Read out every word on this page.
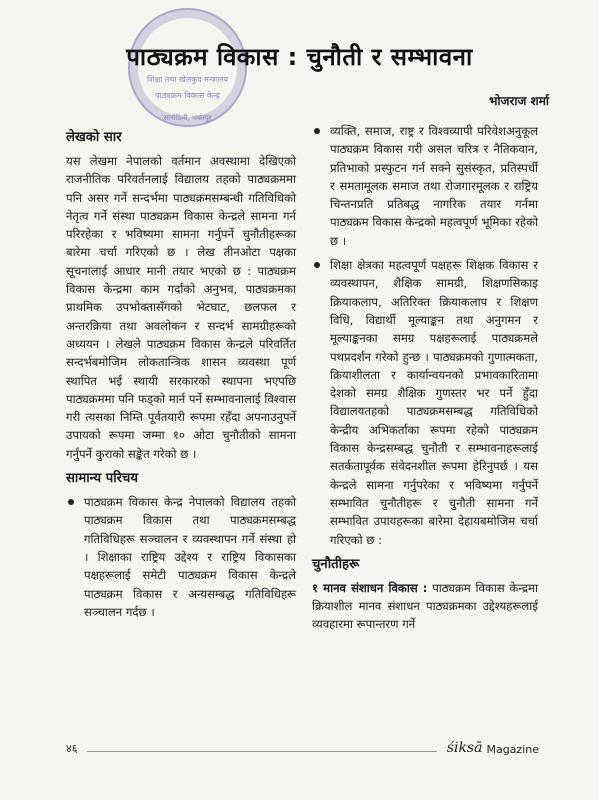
शिक्षा तथा खेलकुद मन्त्रालय
पाठ्यक्रम विकास केन्द्र
सानोठिमी, भक्तपुर
पाठ्यक्रम विकास : चुनौती र सम्भावना
भोजराज शर्मा
लेखको सार

यस लेखमा नेपालको वर्तमान अवस्थामा देखिएको राजनीतिक परिवर्तनलाई विद्यालय तहको पाठ्यक्रममा पनि असर गर्ने सन्दर्भमा पाठ्यक्रमसम्बन्धी गतिविधिको नेतृत्व गर्ने संस्था पाठ्यक्रम विकास केन्द्रले सामना गर्न परिरहेका र भविष्यमा सामना गर्नुपर्ने चुनौतीहरूका बारेमा चर्चा गरिएको छ । लेख तीनओटा पक्षका सूचनालाई आधार मानी तयार भएको छ : पाठ्यक्रम विकास केन्द्रमा काम गर्दाको अनुभव, पाठ्यक्रमका प्राथमिक उपभोक्तासँगको भेटघाट, छलफल र अन्तरक्रिया तथा अवलोकन र सन्दर्भ सामग्रीहरूको अध्ययन । लेखले पाठ्यक्रम विकास केन्द्रले परिवर्तित सन्दर्भबमोजिम लोकतान्त्रिक शासन व्यवस्था पूर्ण स्थापित भई स्थायी सरकारको स्थापना भएपछि पाठ्यक्रममा पनि फड्को मार्न पर्ने सम्भावनालाई विश्वास गरी त्यसका निम्ति पूर्वतयारी रूपमा रहँदा अपनाउनुपर्ने उपायको रूपमा जम्मा १० ओटा चुनौतीको सामना गर्नुपर्ने कुराको सङ्केत गरेको छ ।

सामान्य परिचय
पाठ्यक्रम विकास केन्द्र नेपालको विद्यालय तहको पाठ्यक्रम विकास तथा पाठ्यक्रमसम्बद्ध गतिविधिहरू सञ्चालन र व्यवस्थापन गर्ने संस्था हो । शिक्षाका राष्ट्रिय उद्देश्य र राष्ट्रिय विकासका पक्षहरूलाई समेटी पाठ्यक्रम विकास केन्द्रले पाठ्यक्रम विकास र अन्यसम्बद्ध गतिविधिहरू सञ्चालन गर्दछ ।
व्यक्ति, समाज, राष्ट्र र विश्वव्यापी परिवेशअनुकूल पाठ्यक्रम विकास गरी असल चरित्र र नैतिकवान, प्रतिभाको प्रस्फुटन गर्न सक्ने सुसंस्कृत, प्रतिस्पर्धी र समतामूलक समाज तथा रोजगारमूलक र राष्ट्रिय चिन्तनप्रति प्रतिबद्ध नागरिक तयार गर्नमा पाठ्यक्रम विकास केन्द्रको महत्वपूर्ण भूमिका रहेको छ ।
शिक्षा क्षेत्रका महत्वपूर्ण पक्षहरू शिक्षक विकास र व्यवस्थापन, शैक्षिक सामग्री, शिक्षणसिकाइ क्रियाकलाप, अतिरिक्त क्रियाकलाप र शिक्षण विधि, विद्यार्थी मूल्याङ्कन तथा अनुगमन र मूल्याङ्कनका समग्र पक्षहरूलाई पाठ्यक्रमले पथप्रदर्शन गरेको हुन्छ । पाठ्यक्रमको गुणात्मकता, क्रियाशीलता र कार्यान्वयनको प्रभावकारितामा देशको समग्र शैक्षिक गुणस्तर भर पर्ने हुँदा विद्यालयतहको पाठ्यक्रमसम्बद्ध गतिविधिको केन्द्रीय अभिकर्ताका रूपमा रहेको पाठ्यक्रम विकास केन्द्रसम्बद्ध चुनौती र सम्भावनाहरूलाई सतर्कतापूर्वक संवेदनशील रूपमा हेरिनुपर्छ । यस केन्द्रले सामना गर्नुपरेका र भविष्यमा गर्नुपर्ने सम्भावित चुनौतीहरू र चुनौती सामना गर्ने सम्भावित उपायहरूका बारेमा देहायबमोजिम चर्चा गरिएको छ :
चुनौतीहरू

१ मानव संशाधन विकास : पाठ्यक्रम विकास केन्द्रमा क्रियाशील मानव संशाधन पाठ्यक्रमका उद्देश्यहरूलाई व्यवहारमा रूपान्तरण गर्ने

४६	śiksā Magazine
